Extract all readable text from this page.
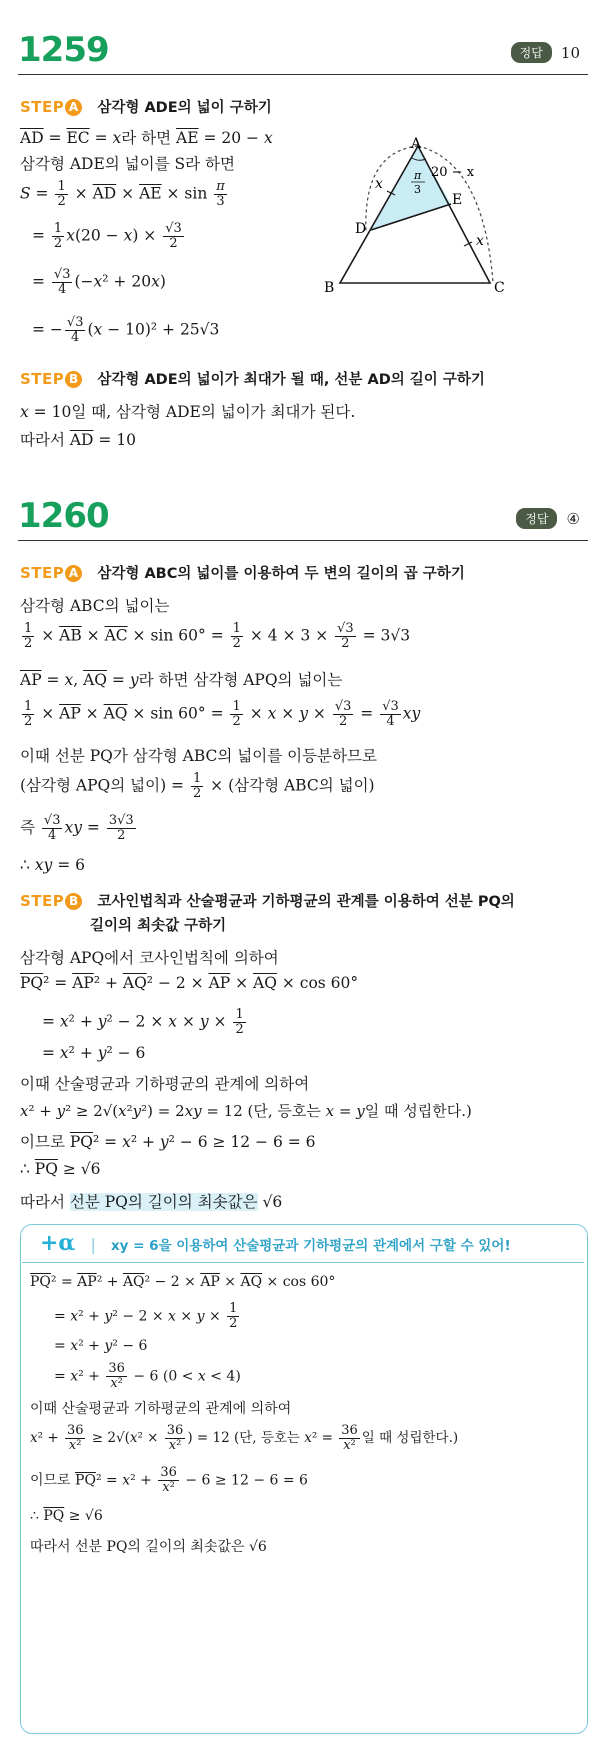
1259	정답 10
STEP A 삼각형 ADE의 넓이 구하기
$\overline{AD} = \overline{EC} = x$라 하면 $\overline{AE} = 20 - x$
삼각형 ADE의 넓이를 S라 하면
$S = \frac{1}{2} \times \overline{AD} \times \overline{AE} \times \sin \frac{\pi}{3}$
= $\frac{1}{2} x(20 - x) \times \frac{√3}{2}$
= $\frac{√3}{4} (-x^2 + 20x)$
= − $\frac{√3}{4} (x - 10)^2 + 25√3$
A
B	C
D
E
x
x
20 − x
π
3
STEP B 삼각형 ADE의 넓이가 최대가 될 때, 선분 AD의 길이 구하기
x = 10일 때, 삼각형 ADE의 넓이가 최대가 된다.
따라서 $\overline{AD} = 10$
1260	정답 ④
STEP A 삼각형 ABC의 넓이를 이용하여 두 변의 길이의 곱 구하기
삼각형 ABC의 넓이는
$\frac{1}{2} \times \overline{AB} \times \overline{AC} \times \sin 60^\circ = \frac{1}{2} \times 4 \times 3 \times \frac{√3}{2} = 3√3$
$\overline{AP} = x$, $\overline{AQ} = y$라 하면 삼각형 APQ의 넓이는
$\frac{1}{2} \times \overline{AP} \times \overline{AQ} \times \sin 60^\circ = \frac{1}{2} \times x \times y \times \frac{√3}{2} = \frac{√3}{4}$ xy
이때 선분 PQ가 삼각형 ABC의 넓이를 이등분하므로
(삼각형 APQ의 넓이) = $\frac{1}{2}$ × (삼각형 ABC의 넓이)
즉 $\frac{√3}{4}$ xy = $\frac{3√3}{2}$
∴ xy = 6
STEP B 코사인법칙과 산술평균과 기하평균의 관계를 이용하여 선분 PQ의
길이의 최솟값 구하기
삼각형 APQ에서 코사인법칙에 의하여
$\overline{PQ}^2 = \overline{AP}^2 + \overline{AQ}^2 - 2 \times \overline{AP} \times \overline{AQ} \times \cos 60^\circ$
= $x^2 + y^2 - 2 \times x \times y \times \frac{1}{2}$
= x² + y² − 6
이때 산술평균과 기하평균의 관계에 의하여
x² + y² ≥ 2√(x²y²) = 2xy = 12 (단, 등호는 x = y일 때 성립한다.)
이므로 $\overline{PQ}^2 = x^2 + y^2 - 6 \ge 12 - 6 = 6$
∴ $\overline{PQ} \ge √6$
따라서 선분 PQ의 길이의 최솟값은 √6
+α | xy = 6을 이용하여 산술평균과 기하평균의 관계에서 구할 수 있어!
$\overline{PQ}^2 = \overline{AP}^2 + \overline{AQ}^2 - 2 \times \overline{AP} \times \overline{AQ} \times \cos 60^\circ$
= $x^2 + y^2 - 2 \times x \times y \times \frac{1}{2}$
= x² + y² − 6
= $x^2 + \frac{36}{\text{x²}} - 6$ (0 < x < 4)
이때 산술평균과 기하평균의 관계에 의하여
$x^2 + \frac{36}{\text{x²}} \ge 2√(x^2 \times \frac{36}{\text{x²}}$ ) = 12 (단, 등호는 $x^2 = \frac{36}{\text{x²}}$ 일 때 성립한다.)
이므로 $\overline{PQ}^2 = x^2 + \frac{36}{\text{x²}} - 6 \ge 12 - 6 = 6$
∴ $\overline{PQ} \ge √6$
따라서 선분 PQ의 길이의 최솟값은 √6
